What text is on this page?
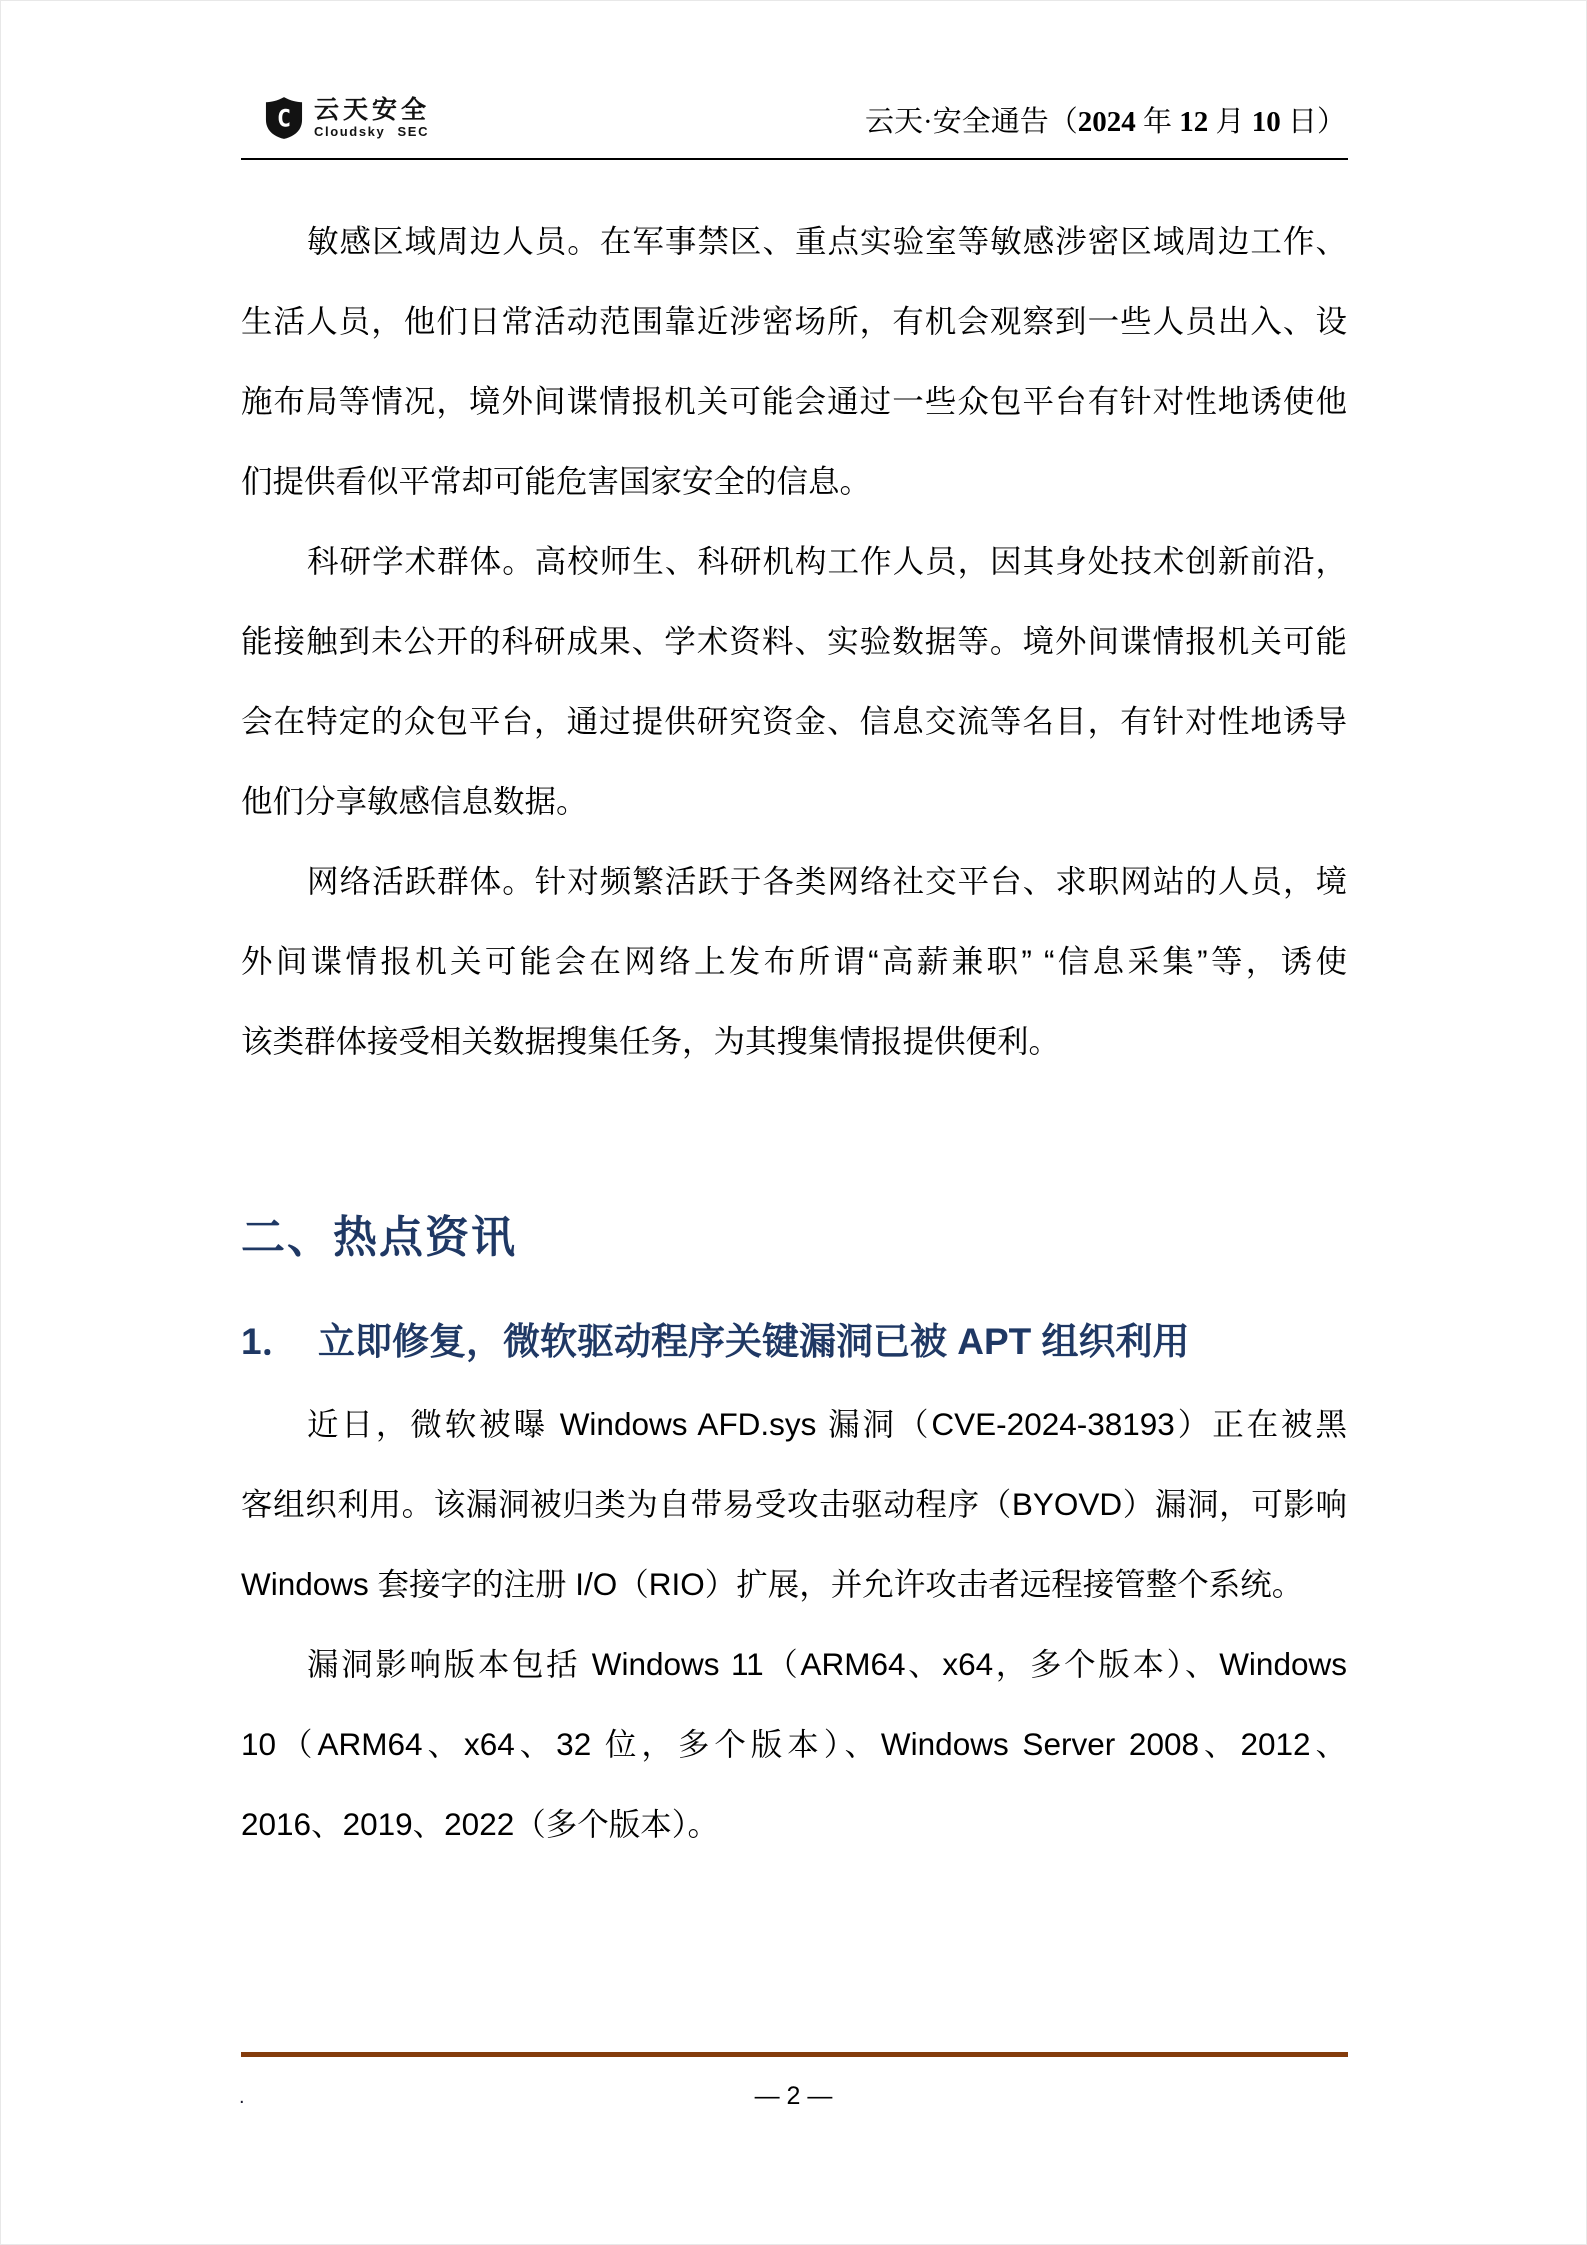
C 云天安全
Cloudsky SEC	云天·安全通告（2024 年 12 月 10 日）
敏感区域周边人员。在军事禁区、重点实验室等敏感涉密区域周边工作、
生活人员，他们日常活动范围靠近涉密场所，有机会观察到一些人员出入、设
施布局等情况，境外间谍情报机关可能会通过一些众包平台有针对性地诱使他
们提供看似平常却可能危害国家安全的信息。
科研学术群体。高校师生、科研机构工作人员，因其身处技术创新前沿，
能接触到未公开的科研成果、学术资料、实验数据等。境外间谍情报机关可能
会在特定的众包平台，通过提供研究资金、信息交流等名目，有针对性地诱导
他们分享敏感信息数据。
网络活跃群体。针对频繁活跃于各类网络社交平台、求职网站的人员，境
外间谍情报机关可能会在网络上发布所谓“高薪兼职” “信息采集”等，诱使
该类群体接受相关数据搜集任务，为其搜集情报提供便利。
二、热点资讯
1． 立即修复，微软驱动程序关键漏洞已被 APT 组织利用
近日，微软被曝 Windows AFD.sys 漏洞（CVE-2024-38193）正在被黑
客组织利用。该漏洞被归类为自带易受攻击驱动程序（BYOVD）漏洞，可影响
Windows 套接字的注册 I/O（RIO）扩展，并允许攻击者远程接管整个系统。
漏洞影响版本包括 Windows 11（ARM64、x64，多个版本）、Windows
10（ARM64、x64、32 位，多个版本）、Windows Server 2008、2012、
2016、2019、2022（多个版本）。
.	— 2 —
